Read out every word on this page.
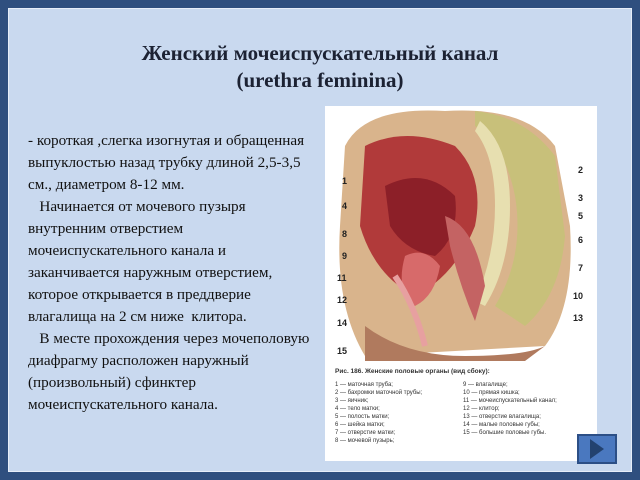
Женский мочеиспускательный канал
(urethra feminina)
- короткая ,слегка изогнутая и обращенная выпуклостью назад трубку длиной 2,5-3,5 см., диаметром 8-12 мм.
Начинается от мочевого пузыря внутренним отверстием мочеиспускательного канала и заканчивается наружным отверстием, которое открывается в преддверие влагалища на 2 см ниже  клитора.
В месте прохождения через мочеполовую диафрагму расположен наружный (произвольный) сфинктер мочеиспускательного канала.
1
4
8
9
11
12
14
15
2
3
5
6
7
10
13
Рис. 186. Женские половые органы (вид сбоку):
1 — маточная труба;
2 — бахромки маточной трубы;
3 — яичник;
4 — тело матки;
5 — полость матки;
6 — шейка матки;
7 — отверстие матки;
8 — мочевой пузырь;
9 — влагалище;
10 — прямая кишка;
11 — мочеиспускательный канал;
12 — клитор;
13 — отверстие влагалища;
14 — малые половые губы;
15 — большие половые губы.
